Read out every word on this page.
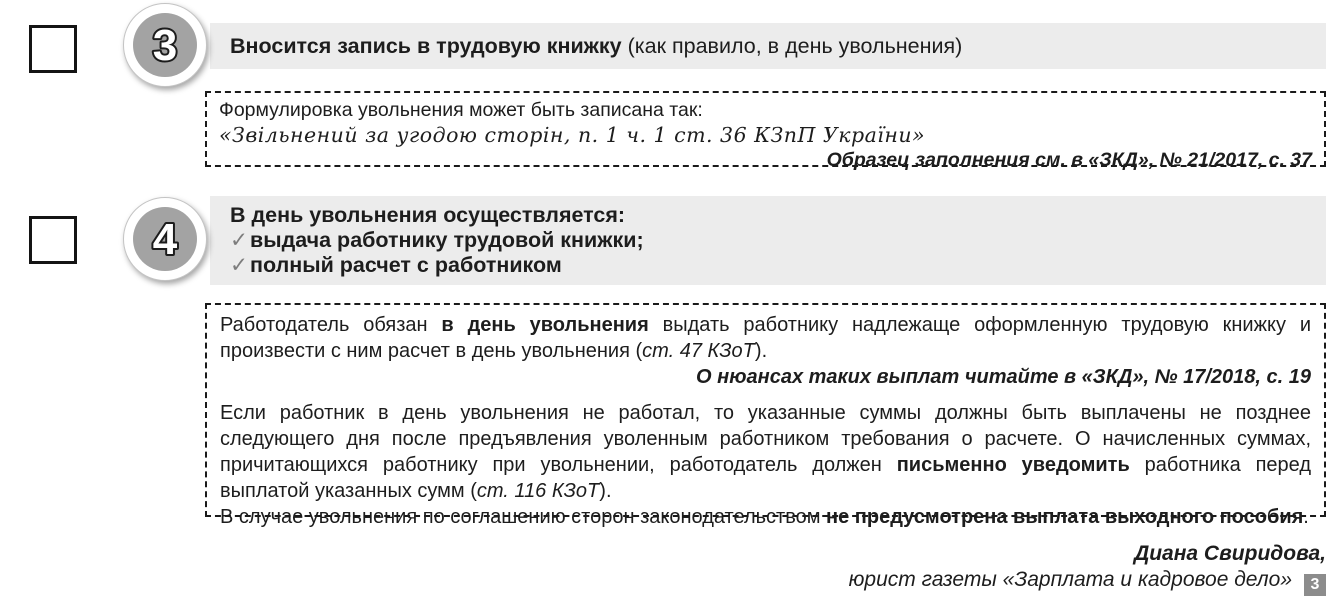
Вносится запись в трудовую книжку (как правило, в день увольнения)
3

Формулировка увольнения может быть записана так:

«Звільнений за угодою сторін, п. 1 ч. 1 ст. 36 КЗпП України»

Образец заполнения см. в «ЗКД», № 21/2017, с. 37

В день увольнения осуществляется:
✓выдача работнику трудовой книжки;
✓полный расчет с работником
4

Работодатель обязан в день увольнения выдать работнику надлежаще оформленную трудовую книжку и произвести с ним расчет в день увольнения (ст. 47 КЗоТ).

О нюансах таких выплат читайте в «ЗКД», № 17/2018, с. 19

Если работник в день увольнения не работал, то указанные суммы должны быть выплачены не позднее следующего дня после предъявления уволенным работником требования о расчете. О начисленных суммах, причитающихся работнику при увольнении, работодатель должен письменно уведомить работника перед выплатой указанных сумм (ст. 116 КЗоТ).

В случае увольнения по соглашению сторон законодательством не предусмотрена выплата выходного пособия.

Диана Свиридова,
юрист газеты «Зарплата и кадровое дело» 3
